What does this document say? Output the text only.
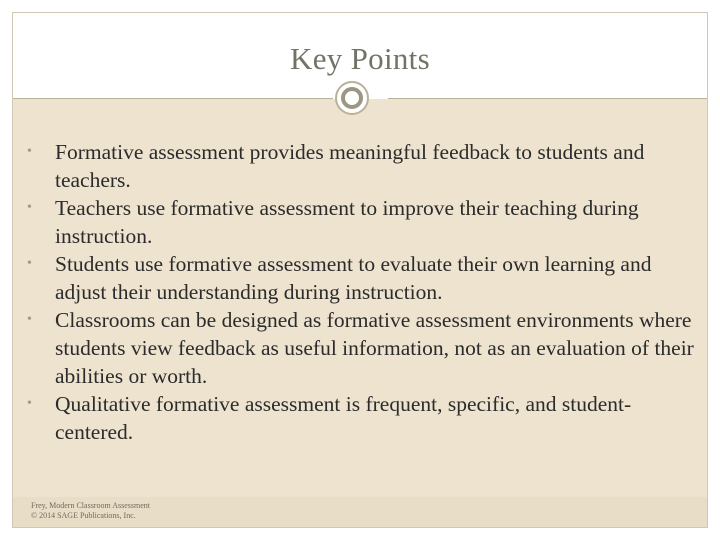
Key Points
• Formative assessment provides meaningful feedback to students and teachers.
• Teachers use formative assessment to improve their teaching during instruction.
• Students use formative assessment to evaluate their own learning and adjust their understanding during instruction.
• Classrooms can be designed as formative assessment environments where students view feedback as useful information, not as an evaluation of their abilities or worth.
• Qualitative formative assessment is frequent, specific, and student-centered.
Frey, Modern Classroom Assessment
© 2014 SAGE Publications, Inc.
